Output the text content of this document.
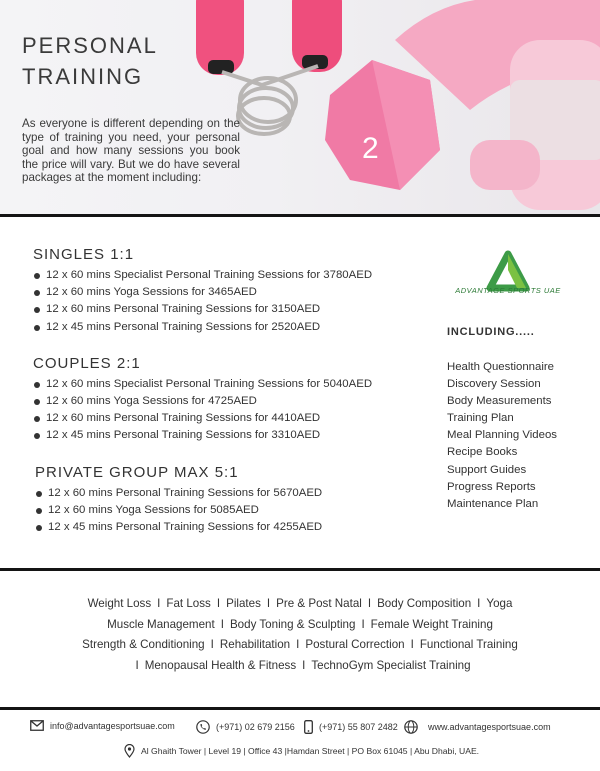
2
PERSONAL
TRAINING

As everyone is different depending on the type of training you need, your personal goal and how many sessions you book the price will vary. But we do have several packages at the moment including:

SINGLES 1:1
12 x 60 mins Specialist Personal Training Sessions for 3780AED
12 x 60 mins Yoga Sessions for 3465AED
12 x 60 mins Personal Training Sessions for 3150AED
12 x 45 mins Personal Training Sessions for 2520AED
COUPLES 2:1
12 x 60 mins Specialist Personal Training Sessions for 5040AED
12 x 60 mins Yoga Sessions for 4725AED
12 x 60 mins Personal Training Sessions for 4410AED
12 x 45 mins Personal Training Sessions for 3310AED
PRIVATE GROUP MAX 5:1
12 x 60 mins Personal Training Sessions for 5670AED
12 x 60 mins Yoga Sessions for 5085AED
12 x 45 mins Personal Training Sessions for 4255AED
ADVANTAGE SPORTS UAE
INCLUDING.....
Health Questionnaire
Discovery Session
Body Measurements
Training Plan
Meal Planning Videos
Recipe Books
Support Guides
Progress Reports
Maintenance Plan
Weight Loss I Fat Loss I Pilates I Pre & Post Natal I Body Composition I Yoga
Muscle Management I Body Toning & Sculpting I Female Weight Training
Strength & Conditioning I Rehabilitation I Postural Correction I Functional Training
I Menopausal Health & Fitness I TechnoGym Specialist Training
info@advantagesportsuae.com	(+971) 02 679 2156	(+971) 55 807 2482	www.advantagesportsuae.com
Al Ghaith Tower | Level 19 | Office 43 |Hamdan Street | PO Box 61045 | Abu Dhabi, UAE.
